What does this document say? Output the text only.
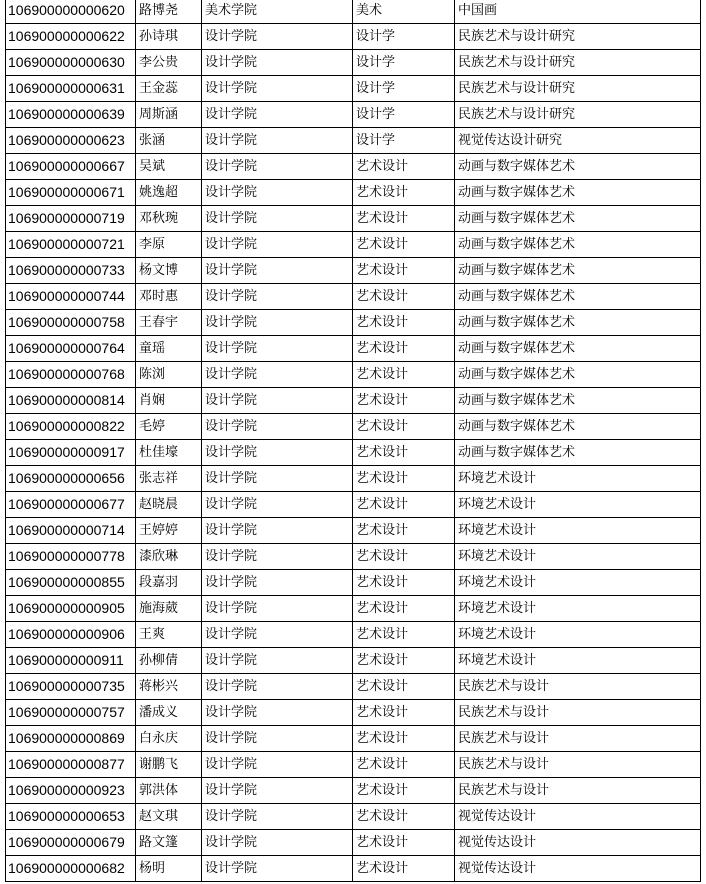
106900000000620	路博尧	美术学院	美术	中国画
106900000000622	孙诗琪	设计学院	设计学	民族艺术与设计研究
106900000000630	李公贵	设计学院	设计学	民族艺术与设计研究
106900000000631	王金蕊	设计学院	设计学	民族艺术与设计研究
106900000000639	周斯涵	设计学院	设计学	民族艺术与设计研究
106900000000623	张涵	设计学院	设计学	视觉传达设计研究
106900000000667	吴斌	设计学院	艺术设计	动画与数字媒体艺术
106900000000671	姚逸超	设计学院	艺术设计	动画与数字媒体艺术
106900000000719	邓秋琬	设计学院	艺术设计	动画与数字媒体艺术
106900000000721	李原	设计学院	艺术设计	动画与数字媒体艺术
106900000000733	杨文博	设计学院	艺术设计	动画与数字媒体艺术
106900000000744	邓时惠	设计学院	艺术设计	动画与数字媒体艺术
106900000000758	王春宇	设计学院	艺术设计	动画与数字媒体艺术
106900000000764	童瑶	设计学院	艺术设计	动画与数字媒体艺术
106900000000768	陈浏	设计学院	艺术设计	动画与数字媒体艺术
106900000000814	肖娴	设计学院	艺术设计	动画与数字媒体艺术
106900000000822	毛婷	设计学院	艺术设计	动画与数字媒体艺术
106900000000917	杜佳壕	设计学院	艺术设计	动画与数字媒体艺术
106900000000656	张志祥	设计学院	艺术设计	环境艺术设计
106900000000677	赵晓晨	设计学院	艺术设计	环境艺术设计
106900000000714	王婷婷	设计学院	艺术设计	环境艺术设计
106900000000778	漆欣琳	设计学院	艺术设计	环境艺术设计
106900000000855	段嘉羽	设计学院	艺术设计	环境艺术设计
106900000000905	施海葳	设计学院	艺术设计	环境艺术设计
106900000000906	王爽	设计学院	艺术设计	环境艺术设计
106900000000911	孙柳倩	设计学院	艺术设计	环境艺术设计
106900000000735	蒋彬兴	设计学院	艺术设计	民族艺术与设计
106900000000757	潘成义	设计学院	艺术设计	民族艺术与设计
106900000000869	白永庆	设计学院	艺术设计	民族艺术与设计
106900000000877	谢鹏飞	设计学院	艺术设计	民族艺术与设计
106900000000923	郭洪体	设计学院	艺术设计	民族艺术与设计
106900000000653	赵文琪	设计学院	艺术设计	视觉传达设计
106900000000679	路文篷	设计学院	艺术设计	视觉传达设计
106900000000682	杨明	设计学院	艺术设计	视觉传达设计
